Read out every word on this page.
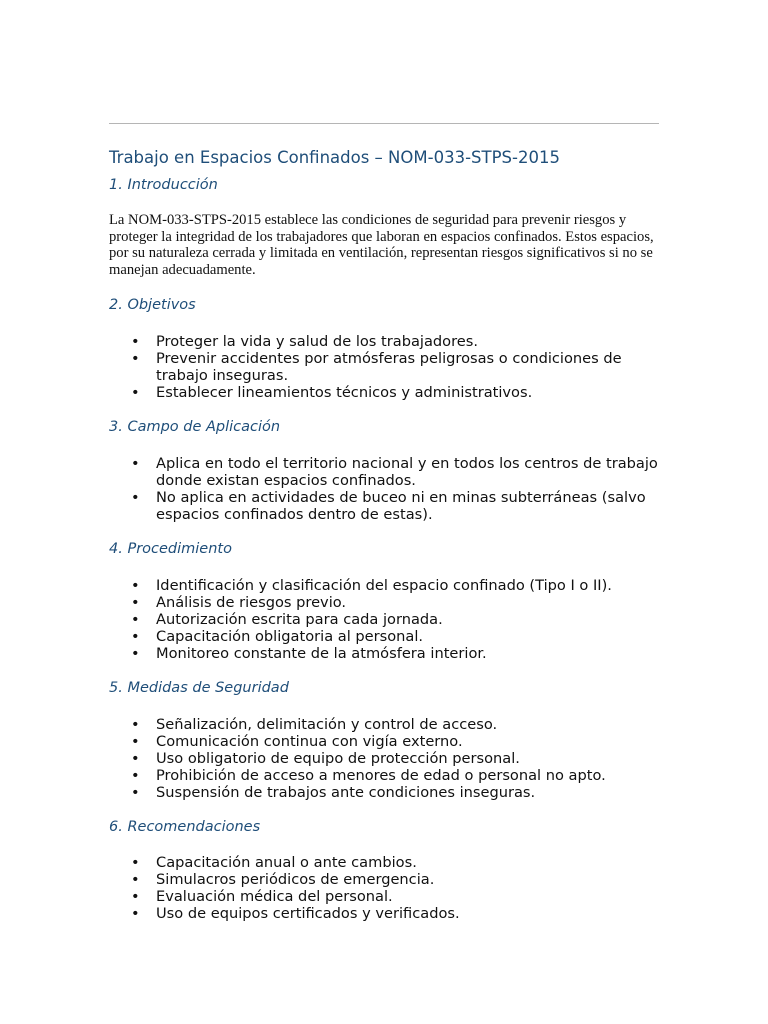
Trabajo en Espacios Confinados – NOM-033-STPS-2015
1. Introducción

La NOM-033-STPS-2015 establece las condiciones de seguridad para prevenir riesgos y proteger la integridad de los trabajadores que laboran en espacios confinados. Estos espacios, por su naturaleza cerrada y limitada en ventilación, representan riesgos significativos si no se manejan adecuadamente.

2. Objetivos
• Proteger la vida y salud de los trabajadores.
• Prevenir accidentes por atmósferas peligrosas o condiciones de trabajo inseguras.
• Establecer lineamientos técnicos y administrativos.
3. Campo de Aplicación
• Aplica en todo el territorio nacional y en todos los centros de trabajo donde existan espacios confinados.
• No aplica en actividades de buceo ni en minas subterráneas (salvo espacios confinados dentro de estas).
4. Procedimiento
• Identificación y clasificación del espacio confinado (Tipo I o II).
• Análisis de riesgos previo.
• Autorización escrita para cada jornada.
• Capacitación obligatoria al personal.
• Monitoreo constante de la atmósfera interior.
5. Medidas de Seguridad
• Señalización, delimitación y control de acceso.
• Comunicación continua con vigía externo.
• Uso obligatorio de equipo de protección personal.
• Prohibición de acceso a menores de edad o personal no apto.
• Suspensión de trabajos ante condiciones inseguras.
6. Recomendaciones
• Capacitación anual o ante cambios.
• Simulacros periódicos de emergencia.
• Evaluación médica del personal.
• Uso de equipos certificados y verificados.
